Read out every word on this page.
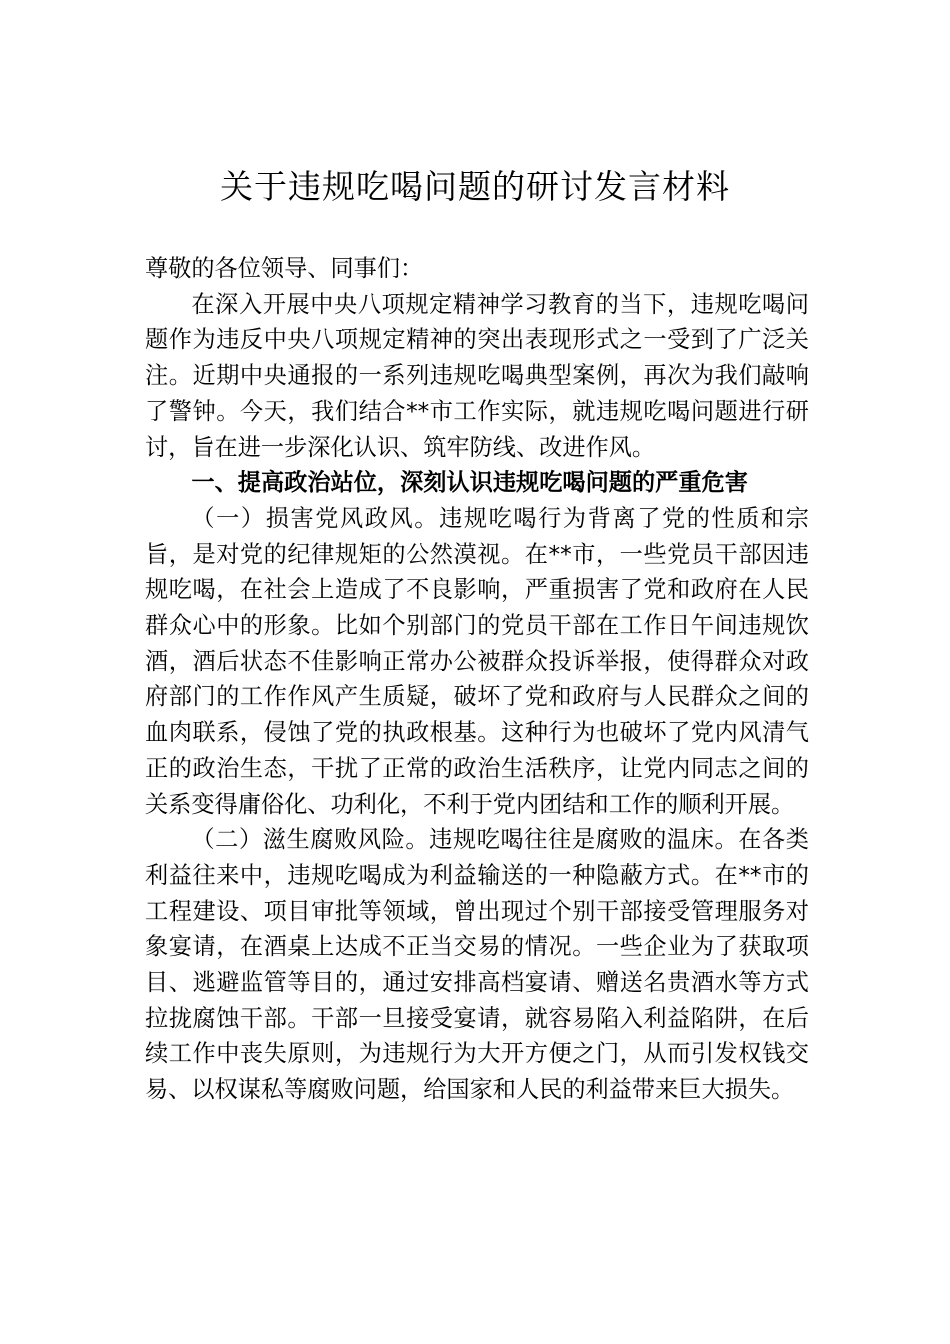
关于违规吃喝问题的研讨发言材料

尊敬的各位领导、同事们：

在深入开展中央八项规定精神学习教育的当下，违规吃喝问题作为违反中央八项规定精神的突出表现形式之一受到了广泛关注。近期中央通报的一系列违规吃喝典型案例，再次为我们敲响了警钟。今天，我们结合**市工作实际，就违规吃喝问题进行研讨，旨在进一步深化认识、筑牢防线、改进作风。

一、提高政治站位，深刻认识违规吃喝问题的严重危害

（一）损害党风政风。违规吃喝行为背离了党的性质和宗旨，是对党的纪律规矩的公然漠视。在**市，一些党员干部因违规吃喝，在社会上造成了不良影响，严重损害了党和政府在人民群众心中的形象。比如个别部门的党员干部在工作日午间违规饮酒，酒后状态不佳影响正常办公被群众投诉举报，使得群众对政府部门的工作作风产生质疑，破坏了党和政府与人民群众之间的血肉联系，侵蚀了党的执政根基。这种行为也破坏了党内风清气正的政治生态，干扰了正常的政治生活秩序，让党内同志之间的关系变得庸俗化、功利化，不利于党内团结和工作的顺利开展。

（二）滋生腐败风险。违规吃喝往往是腐败的温床。在各类利益往来中，违规吃喝成为利益输送的一种隐蔽方式。在**市的工程建设、项目审批等领域，曾出现过个别干部接受管理服务对象宴请，在酒桌上达成不正当交易的情况。一些企业为了获取项目、逃避监管等目的，通过安排高档宴请、赠送名贵酒水等方式拉拢腐蚀干部。干部一旦接受宴请，就容易陷入利益陷阱，在后续工作中丧失原则，为违规行为大开方便之门，从而引发权钱交易、以权谋私等腐败问题，给国家和人民的利益带来巨大损失。
